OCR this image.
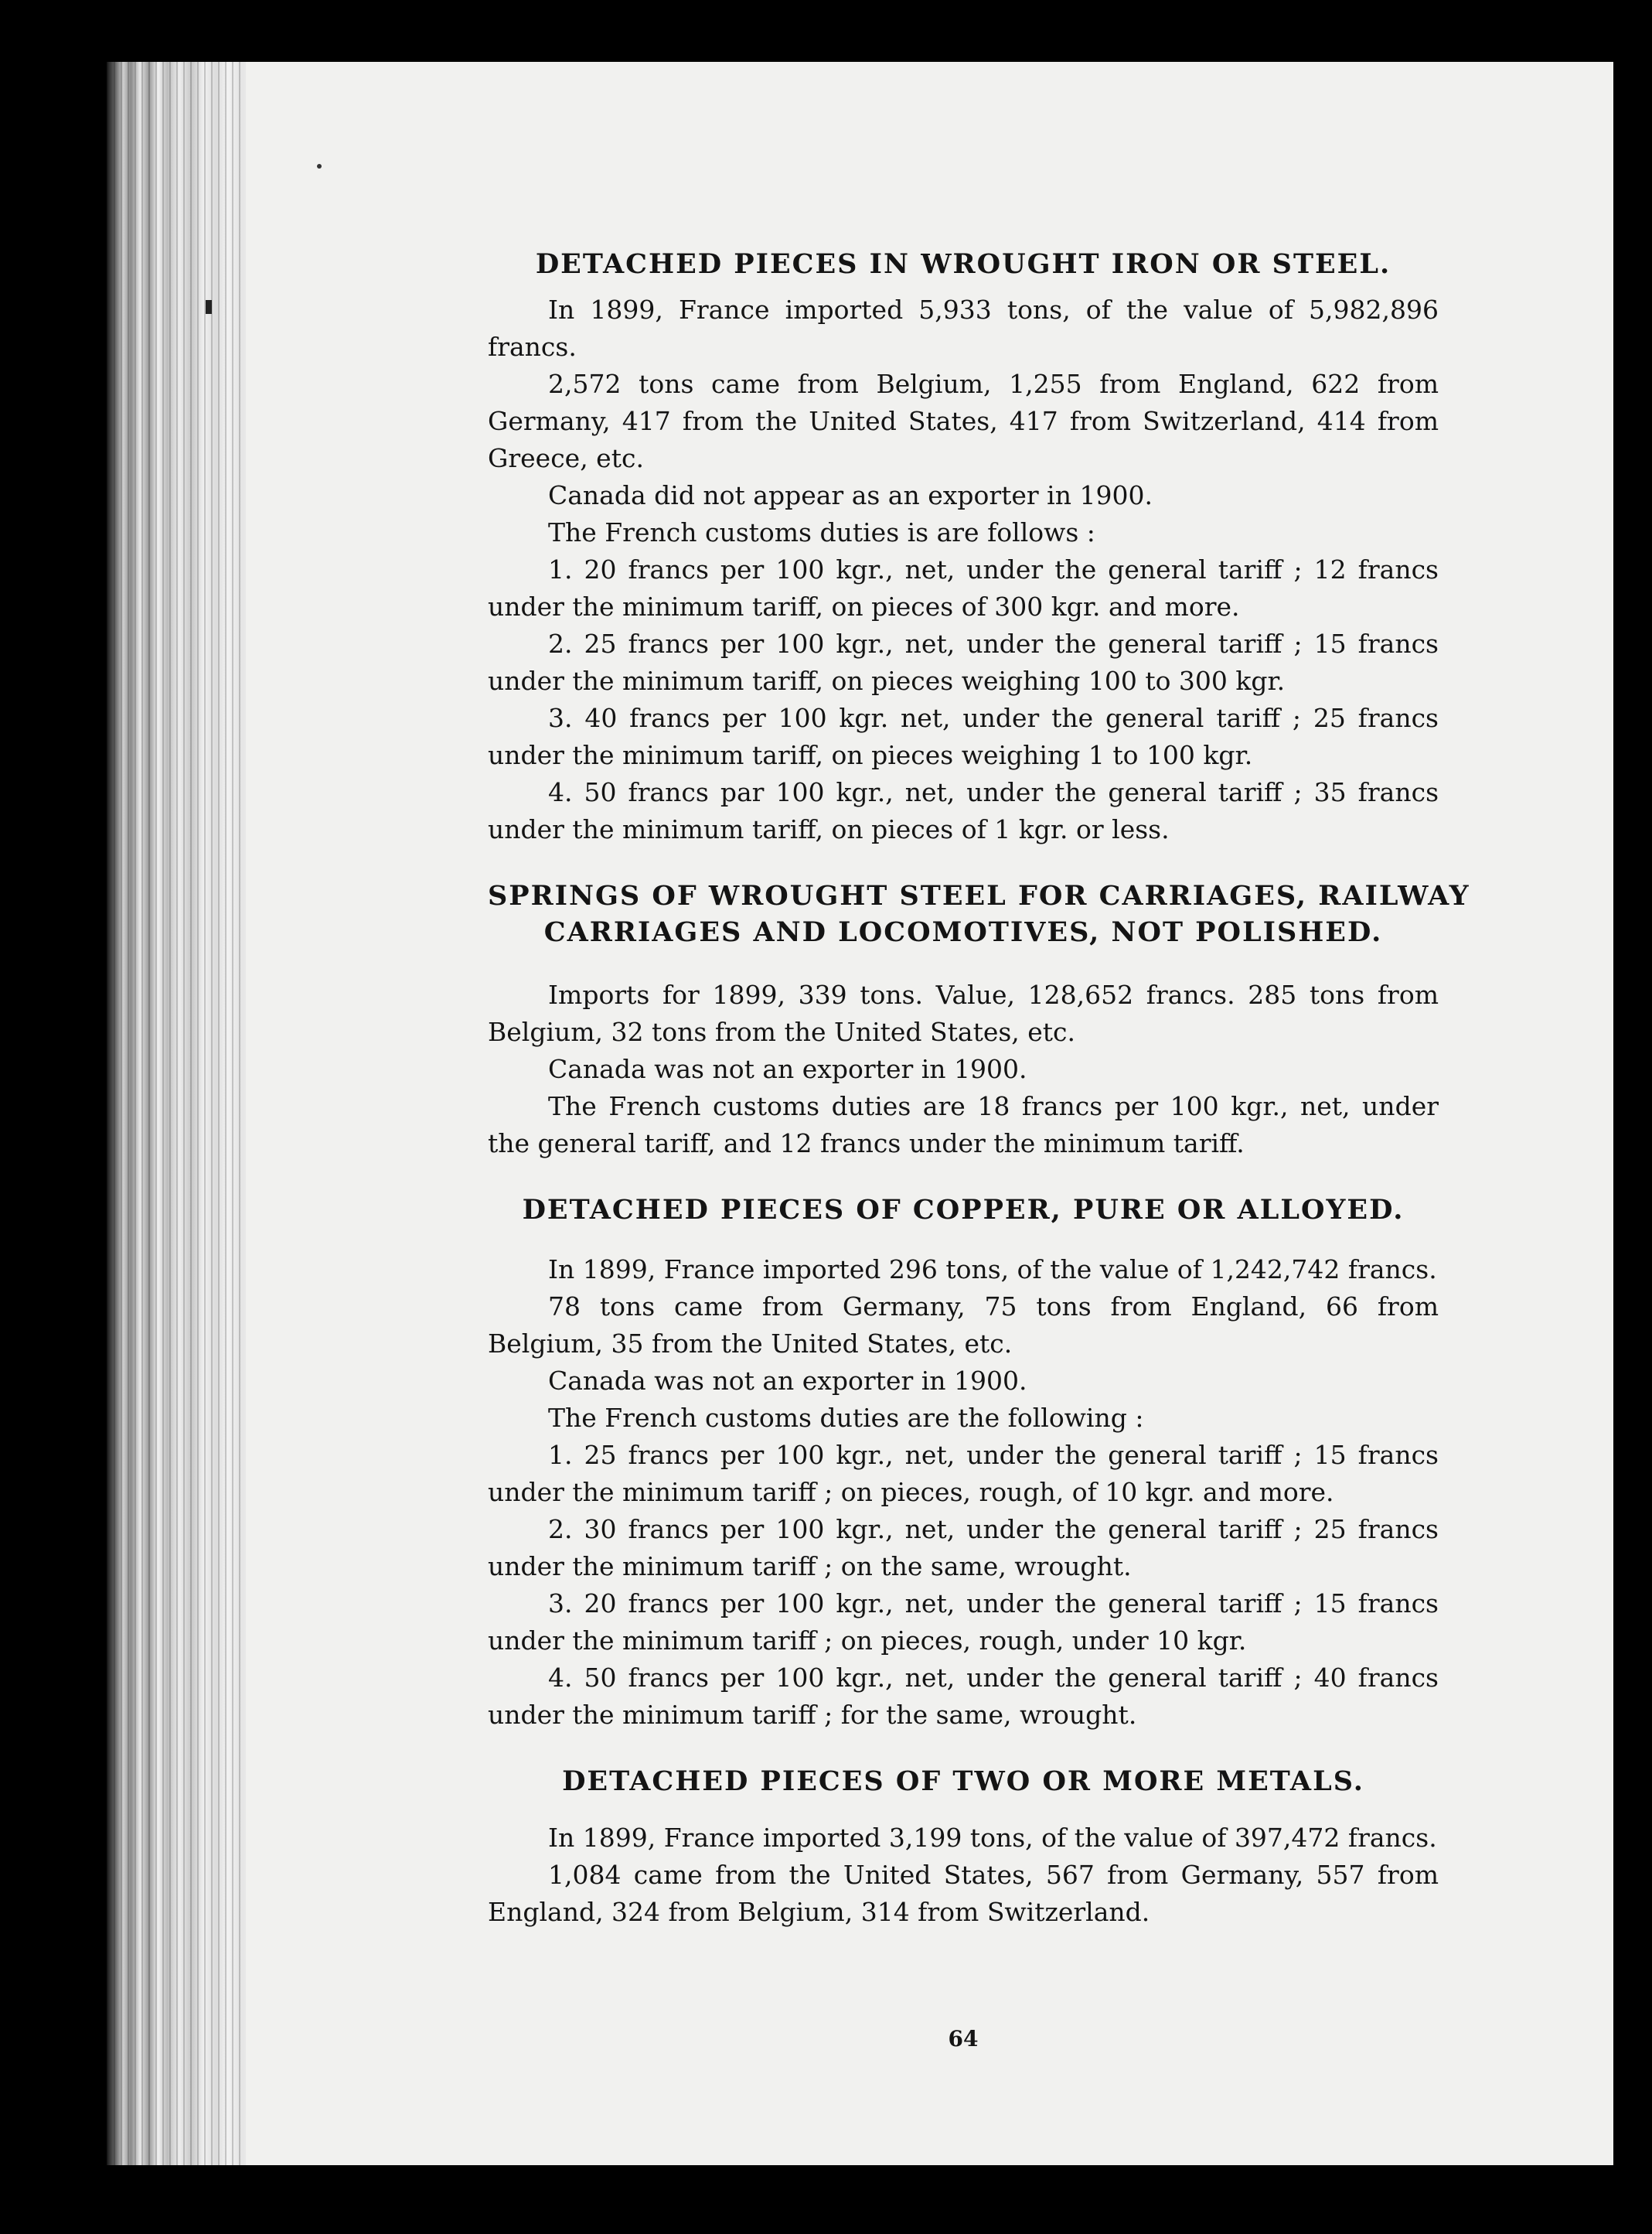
DETACHED PIECES IN WROUGHT IRON OR STEEL.

In 1899, France imported 5,933 tons, of the value of 5,982,896 francs.

2,572 tons came from Belgium, 1,255 from England, 622 from Germany, 417 from the United States, 417 from Switzerland, 414 from Greece, etc.

Canada did not appear as an exporter in 1900.

The French customs duties is are follows :

1. 20 francs per 100 kgr., net, under the general tariff ; 12 francs under the minimum tariff, on pieces of 300 kgr. and more.

2. 25 francs per 100 kgr., net, under the general tariff ; 15 francs under the minimum tariff, on pieces weighing 100 to 300 kgr.

3. 40 francs per 100 kgr. net, under the general tariff ; 25 francs under the minimum tariff, on pieces weighing 1 to 100 kgr.

4. 50 francs par 100 kgr., net, under the general tariff ; 35 francs under the minimum tariff, on pieces of 1 kgr. or less.

SPRINGS OF WROUGHT STEEL FOR CARRIAGES, RAILWAY
CARRIAGES AND LOCOMOTIVES, NOT POLISHED.

Imports for 1899, 339 tons. Value, 128,652 francs. 285 tons from Belgium, 32 tons from the United States, etc.

Canada was not an exporter in 1900.

The French customs duties are 18 francs per 100 kgr., net, under the general tariff, and 12 francs under the minimum tariff.

DETACHED PIECES OF COPPER, PURE OR ALLOYED.

In 1899, France imported 296 tons, of the value of 1,242,742 francs.

78 tons came from Germany, 75 tons from England, 66 from Belgium, 35 from the United States, etc.

Canada was not an exporter in 1900.

The French customs duties are the following :

1. 25 francs per 100 kgr., net, under the general tariff ; 15 francs under the minimum tariff ; on pieces, rough, of 10 kgr. and more.

2. 30 francs per 100 kgr., net, under the general tariff ; 25 francs under the minimum tariff ; on the same, wrought.

3. 20 francs per 100 kgr., net, under the general tariff ; 15 francs under the minimum tariff ; on pieces, rough, under 10 kgr.

4. 50 francs per 100 kgr., net, under the general tariff ; 40 francs under the minimum tariff ; for the same, wrought.

DETACHED PIECES OF TWO OR MORE METALS.

In 1899, France imported 3,199 tons, of the value of 397,472 francs.

1,084 came from the United States, 567 from Germany, 557 from England, 324 from Belgium, 314 from Switzerland.

64
